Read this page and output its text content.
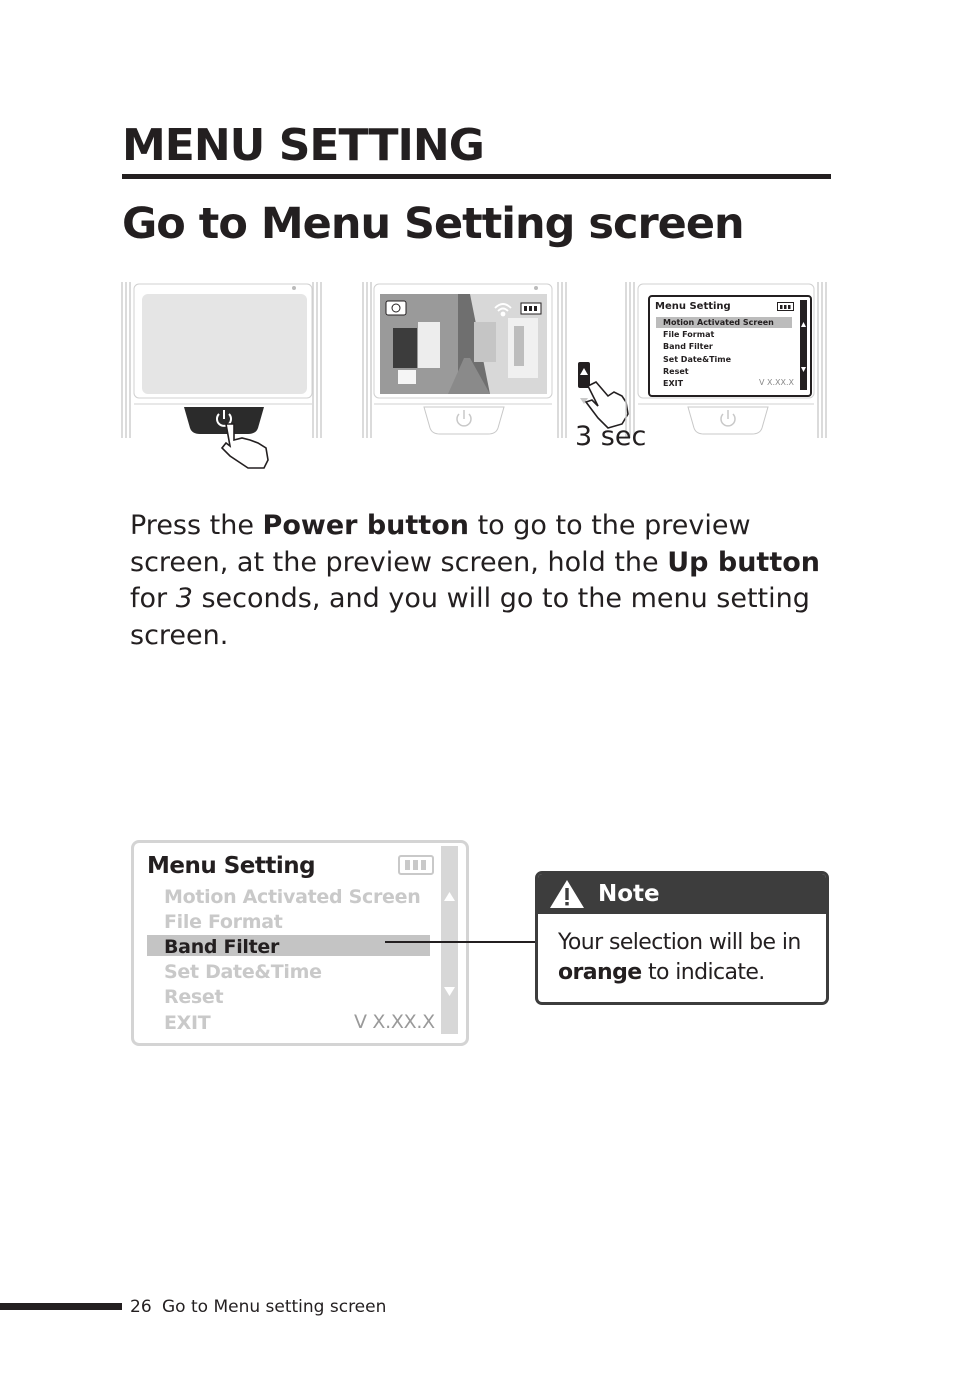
MENU SETTING
Go to Menu Setting screen
Menu Setting
Motion Activated Screen
File Format
Band Filter
Set Date&Time
Reset
EXIT	V X.XX.X
3 sec

Press the Power button to go to the preview screen, at the preview screen, hold the Up button for 3 seconds, and you will go to the menu setting screen.

Menu Setting
Motion Activated Screen
File Format
Band Filter
Set Date&Time
Reset
EXIT	V X.XX.X
Note

Your selection will be in orange to indicate.

26 Go to Menu setting screen
